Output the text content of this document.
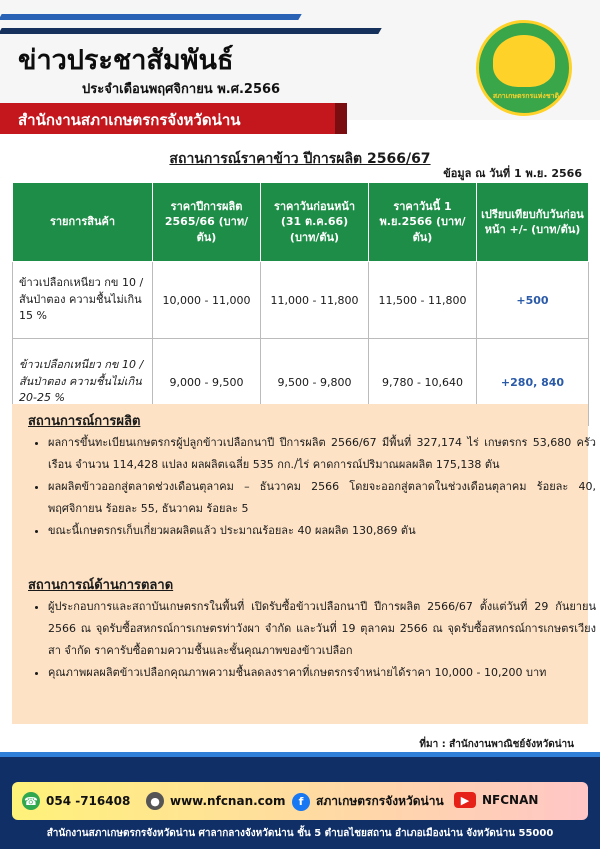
ข่าวประชาสัมพันธ์
ประจำเดือนพฤศจิกายน พ.ศ.2566
สำนักงานสภาเกษตรกรจังหวัดน่าน
สภาเกษตรกรแห่งชาติ
สถานการณ์ราคาข้าว ปีการผลิต 2566/67
ข้อมูล ณ วันที่ 1 พ.ย. 2566
รายการสินค้า	ราคาปีการผลิต 2565/66 (บาท/ตัน)	ราคาวันก่อนหน้า (31 ต.ค.66) (บาท/ตัน)	ราคาวันนี้ 1 พ.ย.2566 (บาท/ตัน)	เปรียบเทียบกับวันก่อนหน้า +/- (บาท/ตัน)
ข้าวเปลือกเหนียว กข 10 / สันป่าตอง ความชื้นไม่เกิน 15 %	10,000 - 11,000	11,000 - 11,800	11,500 - 11,800	+500
ข้าวเปลือกเหนียว กข 10 / สันป่าตอง ความชื้นไม่เกิน 20-25 %	9,000 - 9,500	9,500 - 9,800	9,780 - 10,640	+280, 840
สถานการณ์การผลิต
• ผลการขึ้นทะเบียนเกษตรกรผู้ปลูกข้าวเปลือกนาปี ปีการผลิต 2566/67 มีพื้นที่ 327,174 ไร่ เกษตรกร 53,680 ครัวเรือน จำนวน 114,428 แปลง ผลผลิตเฉลี่ย 535 กก./ไร่ คาดการณ์ปริมาณผลผลิต 175,138 ตัน
• ผลผลิตข้าวออกสู่ตลาดช่วงเดือนตุลาคม – ธันวาคม 2566 โดยจะออกสู่ตลาดในช่วงเดือนตุลาคม ร้อยละ 40, พฤศจิกายน ร้อยละ 55, ธันวาคม ร้อยละ 5
• ขณะนี้เกษตรกรเก็บเกี่ยวผลผลิตแล้ว ประมาณร้อยละ 40 ผลผลิต 130,869 ตัน
สถานการณ์ด้านการตลาด
• ผู้ประกอบการและสถาบันเกษตรกรในพื้นที่ เปิดรับซื้อข้าวเปลือกนาปี ปีการผลิต 2566/67 ตั้งแต่วันที่ 29 กันยายน 2566 ณ จุดรับซื้อสหกรณ์การเกษตรท่าวังผา จำกัด และวันที่ 19 ตุลาคม 2566 ณ จุดรับซื้อสหกรณ์การเกษตรเวียงสา จำกัด ราคารับซื้อตามความชื้นและชั้นคุณภาพของข้าวเปลือก
• คุณภาพผลผลิตข้าวเปลือกคุณภาพความชื้นลดลงราคาที่เกษตรกรจำหน่ายได้ราคา 10,000 - 10,200 บาท
ที่มา : สำนักงานพาณิชย์จังหวัดน่าน
☎ 054 -716408	● www.nfcnan.com	f	สภาเกษตรกรจังหวัดน่าน	▶	NFCNAN
สำนักงานสภาเกษตรกรจังหวัดน่าน ศาลากลางจังหวัดน่าน ชั้น 5 ตำบลไชยสถาน อำเภอเมืองน่าน จังหวัดน่าน 55000
